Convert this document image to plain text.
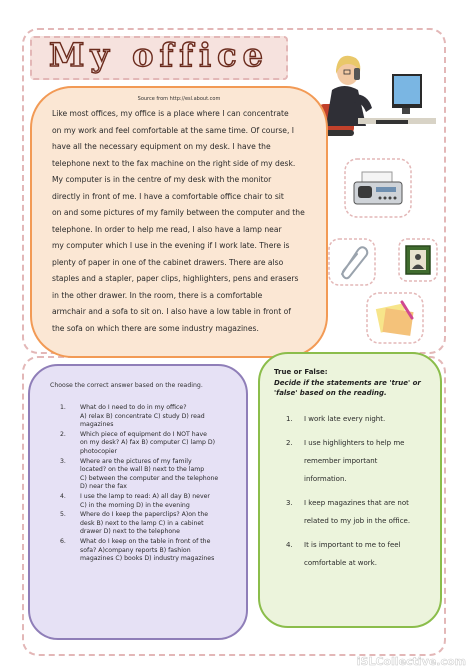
My office
Source from http://esl.about.com
Like most offices, my office is a place where I can concentrate
on my work and feel comfortable at the same time. Of course, I
have all the necessary equipment on my desk. I have the
telephone next to the fax machine on the right side of my desk.
My computer is in the centre of my desk with the monitor
directly in front of me. I have a comfortable office chair to sit
on and some pictures of my family between the computer and the
telephone. In order to help me read, I also have a lamp near
my computer which I use in the evening if I work late. There is
plenty of paper in one of the cabinet drawers. There are also
staples and a stapler, paper clips, highlighters, pens and erasers
in the other drawer. In the room, there is a comfortable
armchair and a sofa to sit on. I also have a low table in front of
the sofa on which there are some industry magazines.
Choose the correct answer based on the reading.
1. What do I need to do in my office?
A) relax B) concentrate C) study D) read
magazines
2. Which piece of equipment do I NOT have
on my desk? A) fax B) computer C) lamp D)
photocopier
3. Where are the pictures of my family
located? on the wall B) next to the lamp
C) between the computer and the telephone
D) near the fax
4. I use the lamp to read: A) all day B) never
C) in the morning D) in the evening
5. Where do I keep the paperclips? A)on the
desk B) next to the lamp C) in a cabinet
drawer D) next to the telephone
6. What do I keep on the table in front of the
sofa? A)company reports B) fashion
magazines C) books D) industry magazines
True or False:
Decide if the statements are 'true' or 'false' based on the reading.
1. I work late every night.
2. I use highlighters to help me
remember important
information.
3. I keep magazines that are not
related to my job in the office.
4. It is important to me to feel
comfortable at work.
iSLCollective.com
